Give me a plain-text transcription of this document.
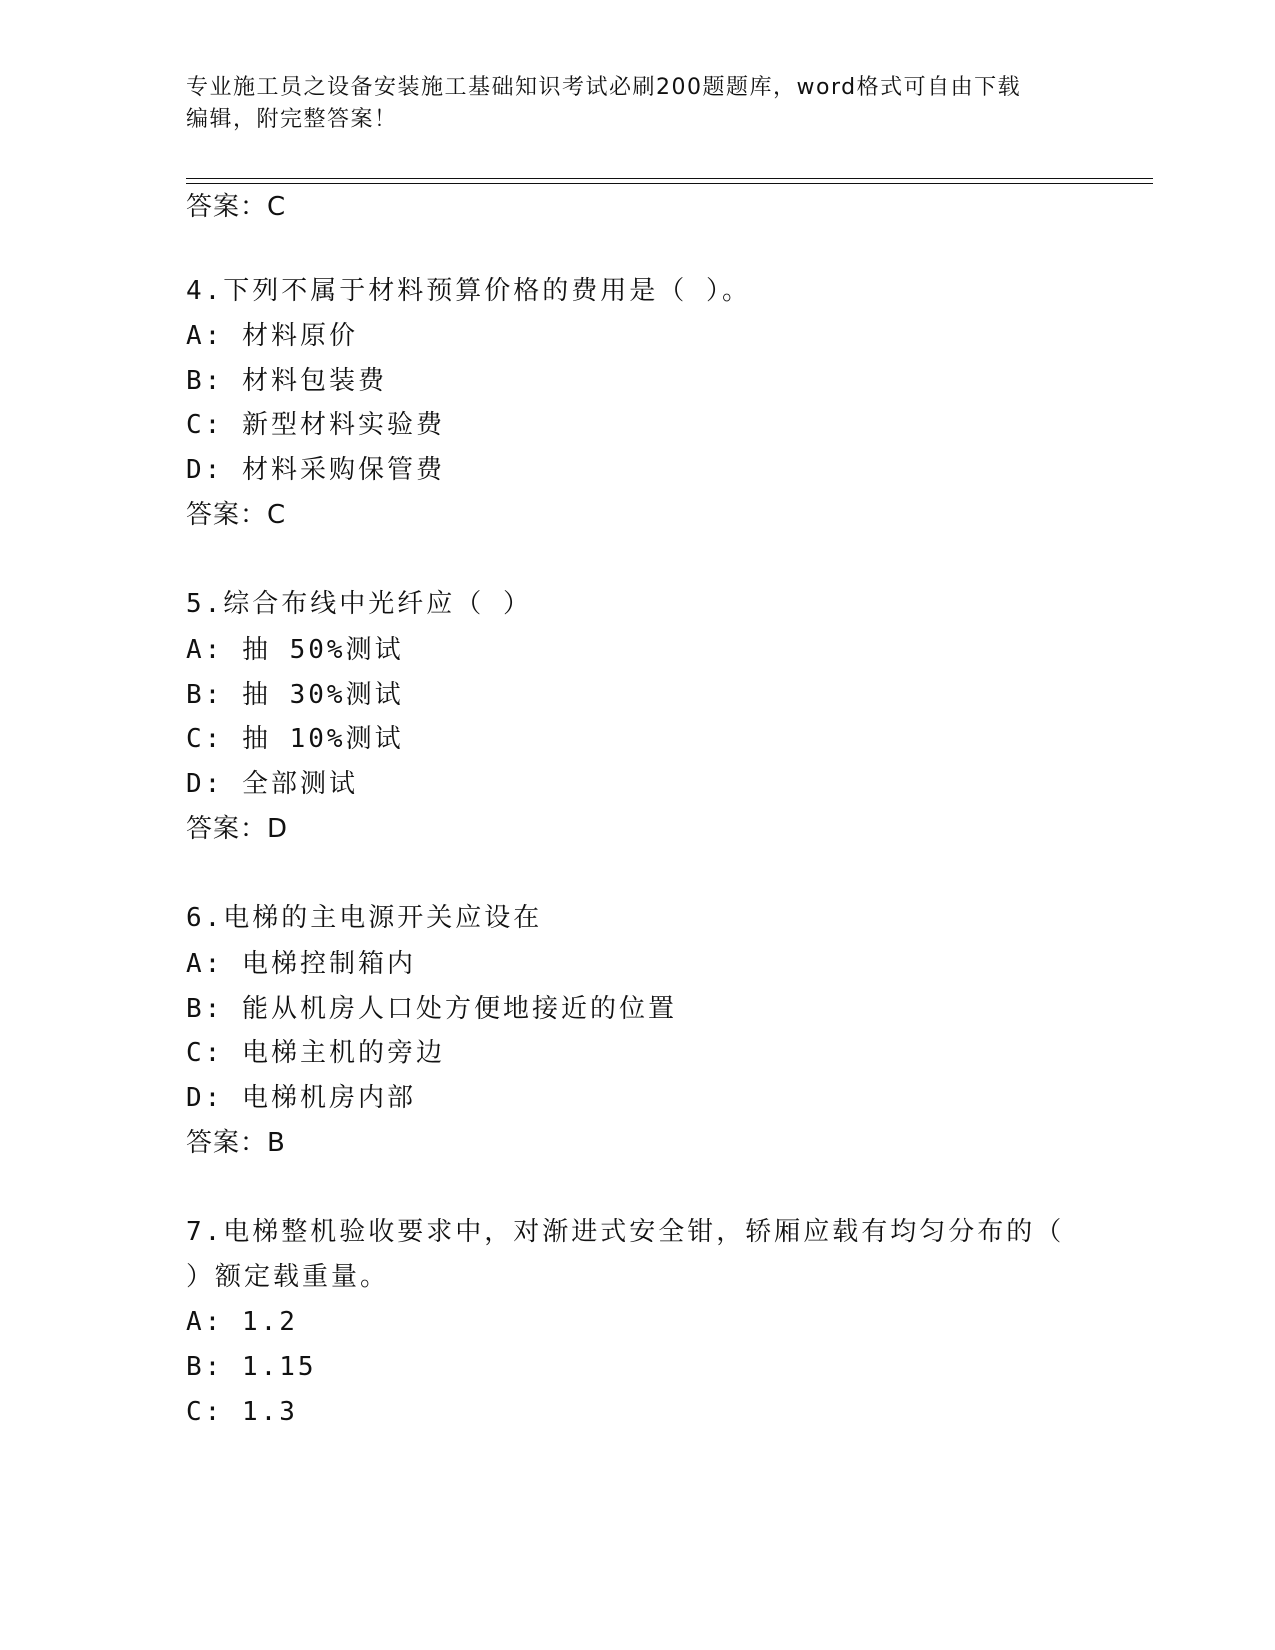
专业施工员之设备安装施工基础知识考试必刷200题题库，word格式可自由下载
编辑，附完整答案！
答案：C
4.下列不属于材料预算价格的费用是（ ）。
A: 材料原价
B: 材料包装费
C: 新型材料实验费
D: 材料采购保管费
答案：C
5.综合布线中光纤应（ ）
A: 抽 50%测试
B: 抽 30%测试
C: 抽 10%测试
D: 全部测试
答案：D
6.电梯的主电源开关应设在
A: 电梯控制箱内
B: 能从机房人口处方便地接近的位置
C: 电梯主机的旁边
D: 电梯机房内部
答案：B
7.电梯整机验收要求中，对渐进式安全钳，轿厢应载有均匀分布的（
）额定载重量。
A: 1.2
B: 1.15
C: 1.3
